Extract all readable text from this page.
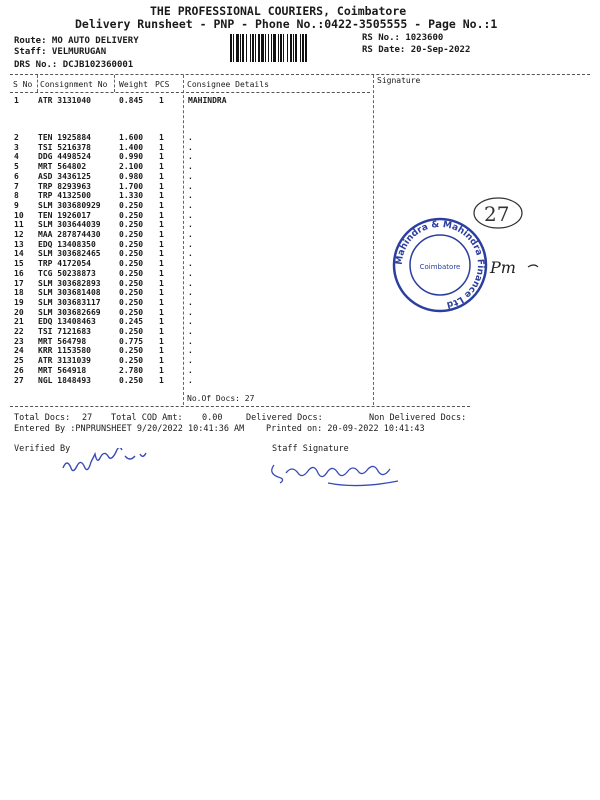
THE PROFESSIONAL COURIERS, Coimbatore
Delivery Runsheet - PNP - Phone No.:0422-3505555 - Page No.:1
Route: MO AUTO DELIVERY
Staff: VELMURUGAN
DRS No.: DCJB102360001
RS No.: 1023600
RS Date: 20-Sep-2022
S No Consignment No Weight PCS Consignee Details	Signature
1 ATR 3131040	0.845 1	MAHINDRA
2 TEN 1925884	1.600 1	.
3 TSI 5216378	1.400 1	.
4 DDG 4498524	0.990 1	.
5 MRT 564802	2.100 1	.
6 ASD 3436125	0.980 1	.
7 TRP 8293963	1.700 1	.
8 TRP 4132500	1.330 1	.
9 SLM 303680929 0.250 1	.
10 TEN 1926017	0.250 1	.
11 SLM 303644039 0.250 1	.
12 MAA 287874430 0.250 1	.
13 EDQ 13408350	0.250 1	.
14 SLM 303682465 0.250 1	.
15 TRP 4172054	0.250 1	.
16 TCG 50238873	0.250 1	.
17 SLM 303682893 0.250 1	.
18 SLM 303681408 0.250 1	.
19 SLM 303683117 0.250 1	.
20 SLM 303682669 0.250 1	.
21 EDQ 13408463	0.245 1	.
22 TSI 7121683	0.250 1	.
23 MRT 564798	0.775 1	.
24 KRR 1153580	0.250 1	.
25 ATR 3131039	0.250 1	.
26 MRT 564918	2.780 1	.
27 NGL 1848493	0.250 1	.
No.Of Docs: 27
Total Docs: 27 Total COD Amt: 0.00	Delivered Docs:	Non Delivered Docs:
Entered By :PNPRUNSHEET 9/20/2022 10:41:36 AM	Printed on: 20-09-2022 10:41:43
Verified By	Staff Signature
27
Mahindra & Mahindra Finance Ltd
Coimbatore Pm
